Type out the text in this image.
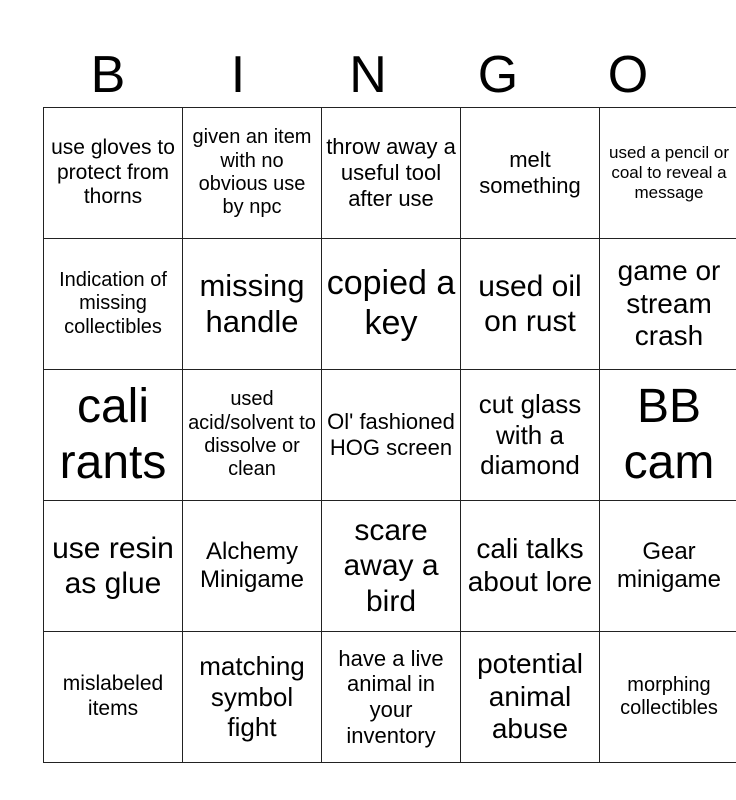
B	I	N	G	O
use gloves to protect from thorns	given an item with no obvious use by npc	throw away a useful tool after use	melt something	used a pencil or coal to reveal a message
Indication of missing collectibles	missing handle	copied a key	used oil on rust	game or stream crash
cali rants	used acid/solvent to dissolve or clean	Ol' fashioned HOG screen	cut glass with a diamond	BB cam
use resin as glue	Alchemy Minigame	scare away a bird	cali talks about lore	Gear minigame
mislabeled items	matching symbol fight	have a live animal in your inventory	potential animal abuse	morphing collectibles
